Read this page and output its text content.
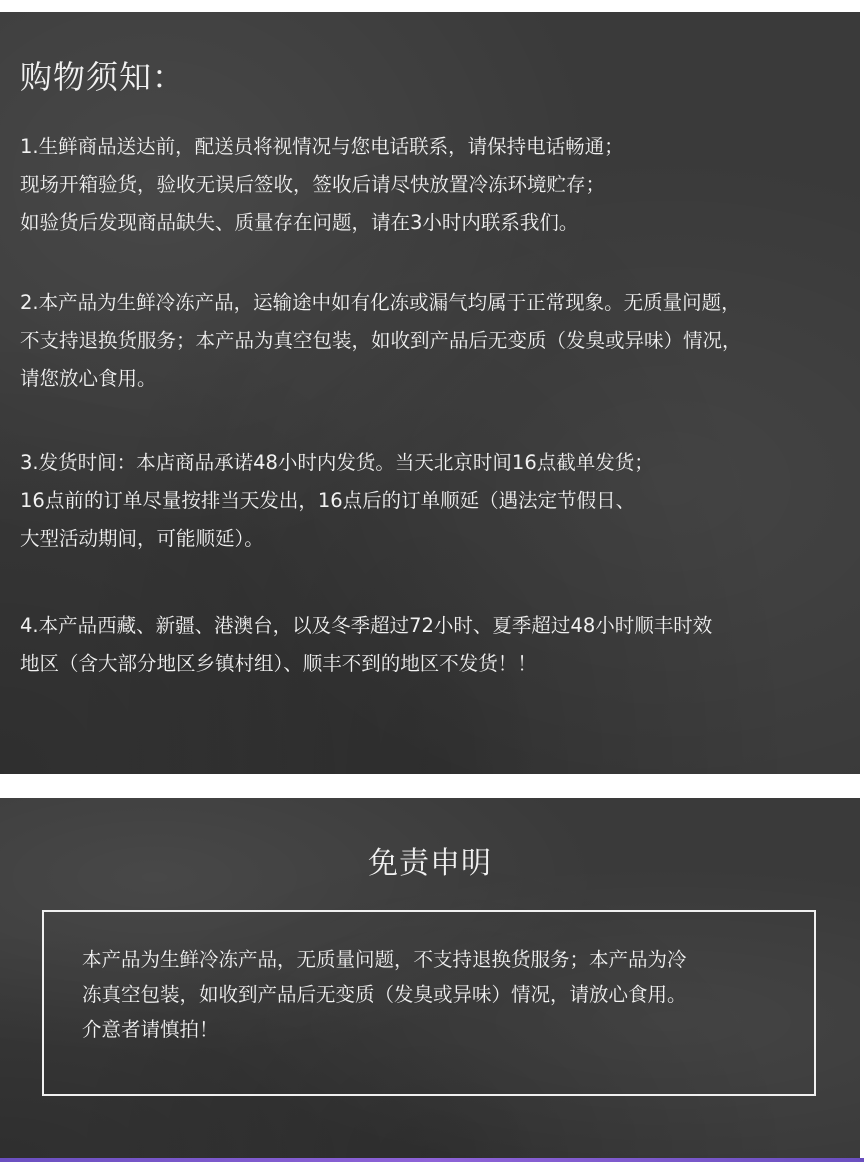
购物须知：

1.生鲜商品送达前，配送员将视情况与您电话联系，请保持电话畅通；
现场开箱验货，验收无误后签收，签收后请尽快放置冷冻环境贮存；
如验货后发现商品缺失、质量存在问题，请在3小时内联系我们。

2.本产品为生鲜冷冻产品，运输途中如有化冻或漏气均属于正常现象。无质量问题，
不支持退换货服务；本产品为真空包装，如收到产品后无变质（发臭或异味）情况，
请您放心食用。

3.发货时间：本店商品承诺48小时内发货。当天北京时间16点截单发货；
16点前的订单尽量按排当天发出，16点后的订单顺延（遇法定节假日、
大型活动期间，可能顺延）。

4.本产品西藏、新疆、港澳台，以及冬季超过72小时、夏季超过48小时顺丰时效
地区（含大部分地区乡镇村组）、顺丰不到的地区不发货！！

免责申明

本产品为生鲜冷冻产品，无质量问题，不支持退换货服务；本产品为冷
冻真空包装，如收到产品后无变质（发臭或异味）情况，请放心食用。
介意者请慎拍！
